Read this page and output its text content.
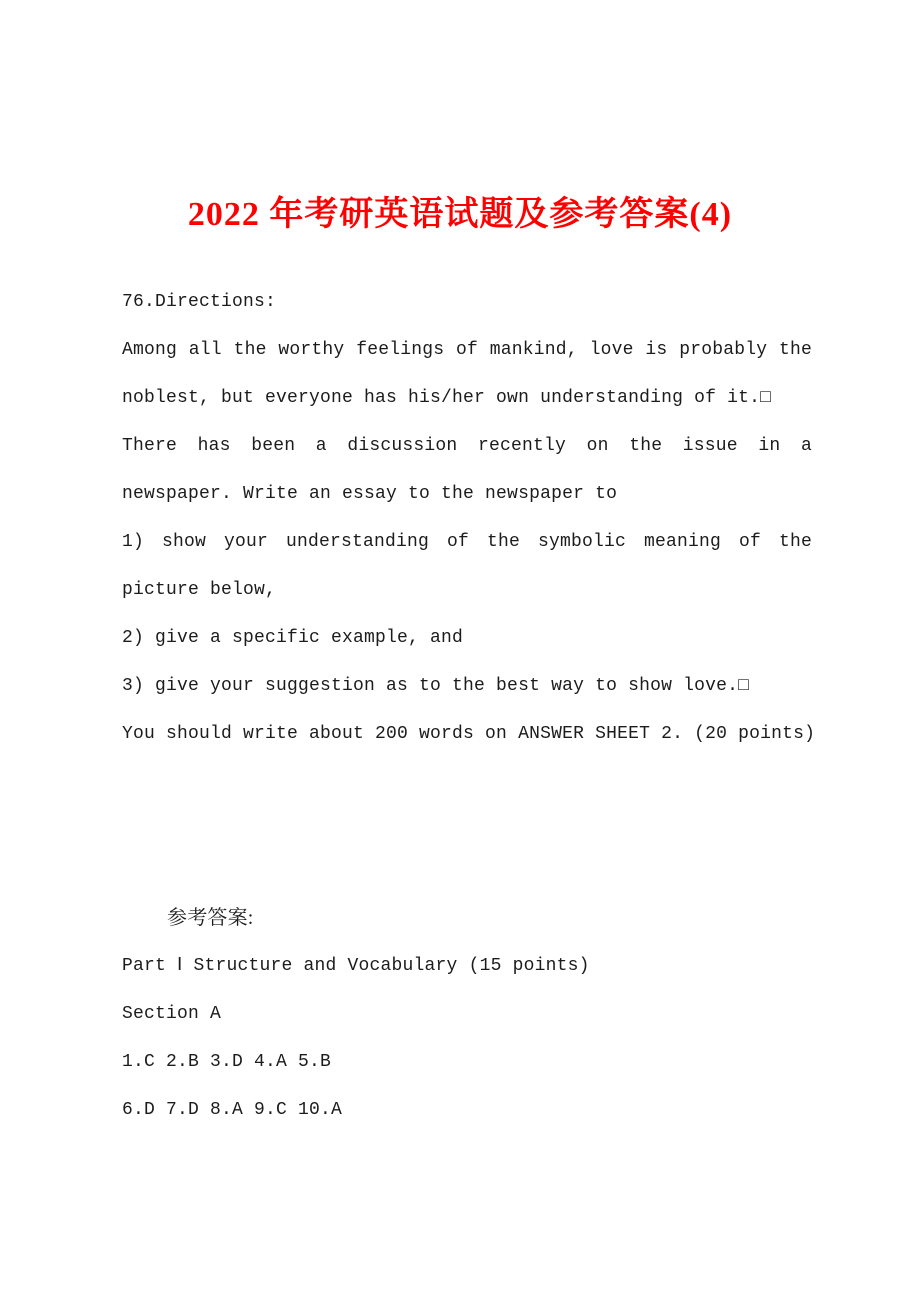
2022 年考研英语试题及参考答案(4)
76.Directions:
Among all the worthy feelings of mankind, love is probably the
noblest, but everyone has his/her own understanding of it.□
There has been a discussion recently on the issue in a
newspaper. Write an essay to the newspaper to
1) show your understanding of the symbolic meaning of the
picture below,
2) give a specific example, and
3) give your suggestion as to the best way to show love.□
You should write about 200 words on ANSWER SHEET 2. (20 points)
参考答案:
Part Ⅰ Structure and Vocabulary (15 points)
Section A
1.C 2.B 3.D 4.A 5.B
6.D 7.D 8.A 9.C 10.A
